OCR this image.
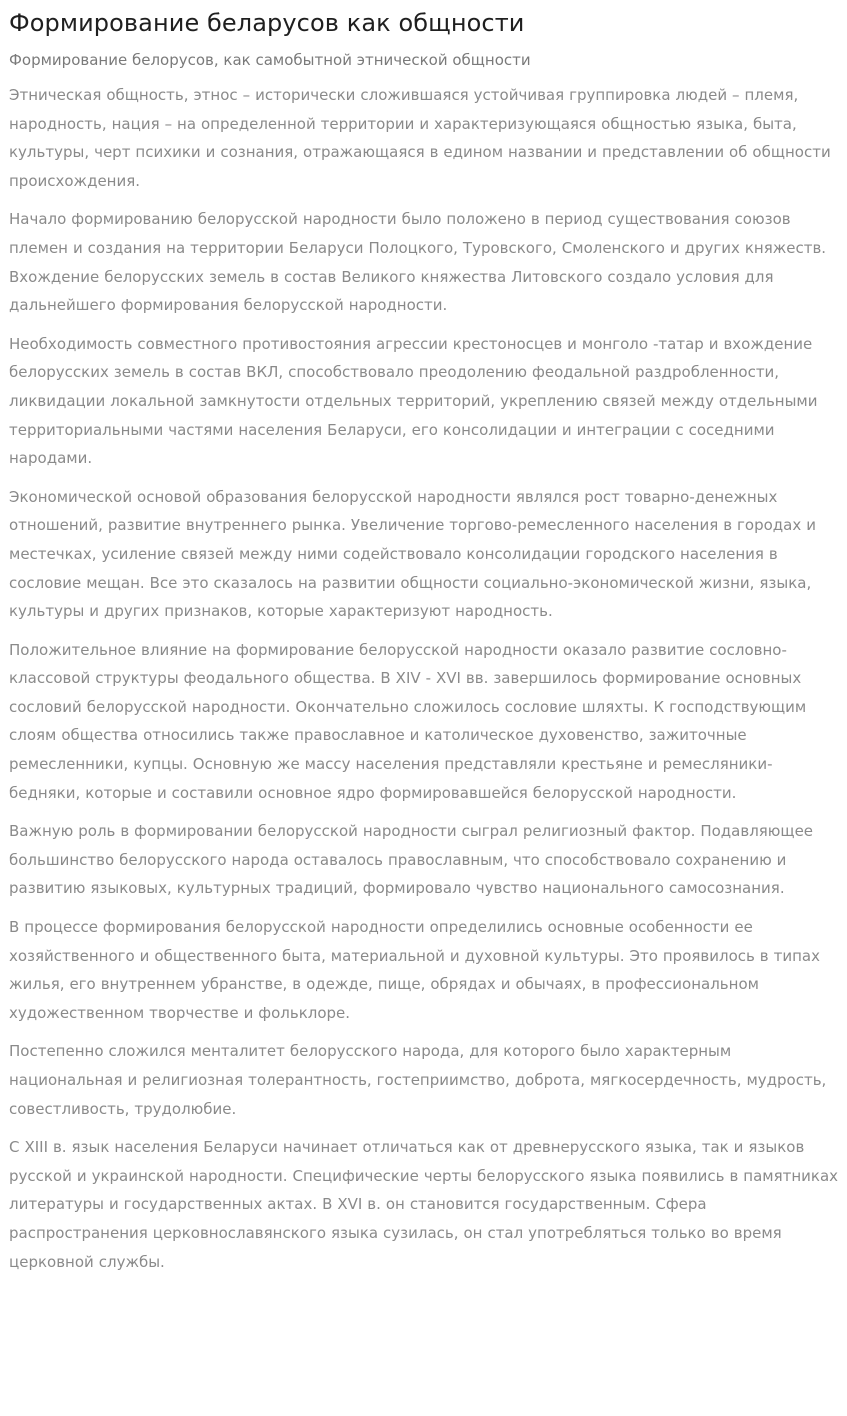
Формирование беларусов как общности

Формирование белорусов, как самобытной этнической общности

Этническая общность, этнос – исторически сложившаяся устойчивая группировка людей – племя, народность, нация – на определенной территории и характеризующаяся общностью языка, быта, культуры, черт психики и сознания, отражающаяся в едином названии и представлении об общности происхождения.

Начало формированию белорусской народности было положено в период существования союзов племен и создания на территории Беларуси Полоцкого, Туровского, Смоленского и других княжеств. Вхождение белорусских земель в состав Великого княжества Литовского создало условия для дальнейшего формирования белорусской народности.

Необходимость совместного противостояния агрессии крестоносцев и монголо -татар и вхождение белорусских земель в состав ВКЛ, способствовало преодолению феодальной раздробленности, ликвидации локальной замкнутости отдельных территорий, укреплению связей между отдельными территориальными частями населения Беларуси, его консолидации и интеграции с соседними народами.

Экономической основой образования белорусской народности являлся рост товарно-денежных отношений, развитие внутреннего рынка. Увеличение торгово-ремесленного населения в городах и местечках, усиление связей между ними содействовало консолидации городского населения в сословие мещан. Все это сказалось на развитии общности социально-экономической жизни, языка, культуры и других признаков, которые характеризуют народность.

Положительное влияние на формирование белорусской народности оказало развитие сословно-классовой структуры феодального общества. В XIV - XVI вв. завершилось формирование основных сословий белорусской народности. Окончательно сложилось сословие шляхты. К господствующим слоям общества относились также православное и католическое духовенство, зажиточные ремесленники, купцы. Основную же массу населения представляли крестьяне и ремесляники-бедняки, которые и составили основное ядро формировавшейся белорусской народности.

Важную роль в формировании белорусской народности сыграл религиозный фактор. Подавляющее большинство белорусского народа оставалось православным, что способствовало сохранению и развитию языковых, культурных традиций, формировало чувство национального самосознания.

В процессе формирования белорусской народности определились основные особенности ее хозяйственного и общественного быта, материальной и духовной культуры. Это проявилось в типах жилья, его внутреннем убранстве, в одежде, пище, обрядах и обычаях, в профессиональном художественном творчестве и фольклоре.

Постепенно сложился менталитет белорусского народа, для которого было характерным национальная и религиозная толерантность, гостеприимство, доброта, мягкосердечность, мудрость, совестливость, трудолюбие.

С XIII в. язык населения Беларуси начинает отличаться как от древнерусского языка, так и языков русской и украинской народности. Специфические черты белорусского языка появились в памятниках литературы и государственных актах. В XVI в. он становится государственным. Сфера распространения церковнославянского языка сузилась, он стал употребляться только во время церковной службы.
